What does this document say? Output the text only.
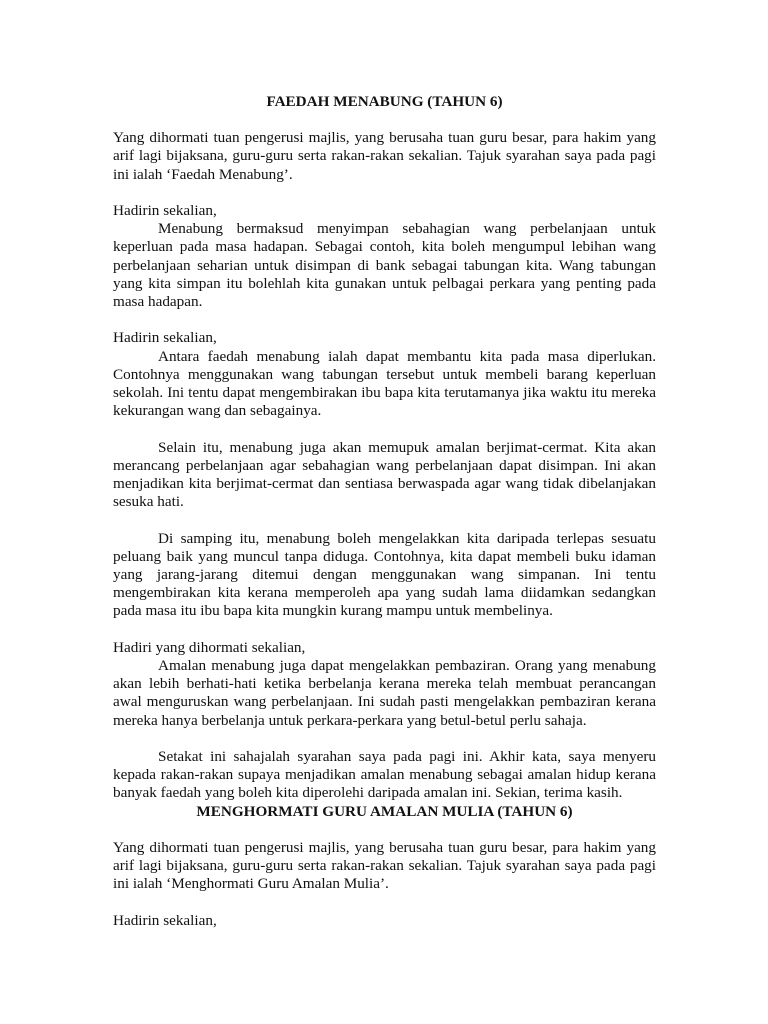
FAEDAH MENABUNG (TAHUN 6)

Yang dihormati tuan pengerusi majlis, yang berusaha tuan guru besar, para hakim yang arif lagi bijaksana, guru-guru serta rakan-rakan sekalian. Tajuk syarahan saya pada pagi ini ialah ‘Faedah Menabung’.

Hadirin sekalian,
Menabung bermaksud menyimpan sebahagian wang perbelanjaan untuk keperluan pada masa hadapan. Sebagai contoh, kita boleh mengumpul lebihan wang perbelanjaan seharian untuk disimpan di bank sebagai tabungan kita. Wang tabungan yang kita simpan itu bolehlah kita gunakan untuk pelbagai perkara yang penting pada masa hadapan.

Hadirin sekalian,
Antara faedah menabung ialah dapat membantu kita pada masa diperlukan. Contohnya menggunakan wang tabungan tersebut untuk membeli barang keperluan sekolah. Ini tentu dapat mengembirakan ibu bapa kita terutamanya jika waktu itu mereka kekurangan wang dan sebagainya.

Selain itu, menabung juga akan memupuk amalan berjimat-cermat. Kita akan merancang perbelanjaan agar sebahagian wang perbelanjaan dapat disimpan. Ini akan menjadikan kita berjimat-cermat dan sentiasa berwaspada agar wang tidak dibelanjakan sesuka hati.

Di samping itu, menabung boleh mengelakkan kita daripada terlepas sesuatu peluang baik yang muncul tanpa diduga. Contohnya, kita dapat membeli buku idaman yang jarang-jarang ditemui dengan menggunakan wang simpanan. Ini tentu mengembirakan kita kerana memperoleh apa yang sudah lama diidamkan sedangkan pada masa itu ibu bapa kita mungkin kurang mampu untuk membelinya.

Hadiri yang dihormati sekalian,
Amalan menabung juga dapat mengelakkan pembaziran. Orang yang menabung akan lebih berhati-hati ketika berbelanja kerana mereka telah membuat perancangan awal menguruskan wang perbelanjaan. Ini sudah pasti mengelakkan pembaziran kerana mereka hanya berbelanja untuk perkara-perkara yang betul-betul perlu sahaja.

Setakat ini sahajalah syarahan saya pada pagi ini. Akhir kata, saya menyeru kepada rakan-rakan supaya menjadikan amalan menabung sebagai amalan hidup kerana banyak faedah yang boleh kita diperolehi daripada amalan ini. Sekian, terima kasih.

MENGHORMATI GURU AMALAN MULIA (TAHUN 6)

Yang dihormati tuan pengerusi majlis, yang berusaha tuan guru besar, para hakim yang arif lagi bijaksana, guru-guru serta rakan-rakan sekalian. Tajuk syarahan saya pada pagi ini ialah ‘Menghormati Guru Amalan Mulia’.

Hadirin sekalian,
